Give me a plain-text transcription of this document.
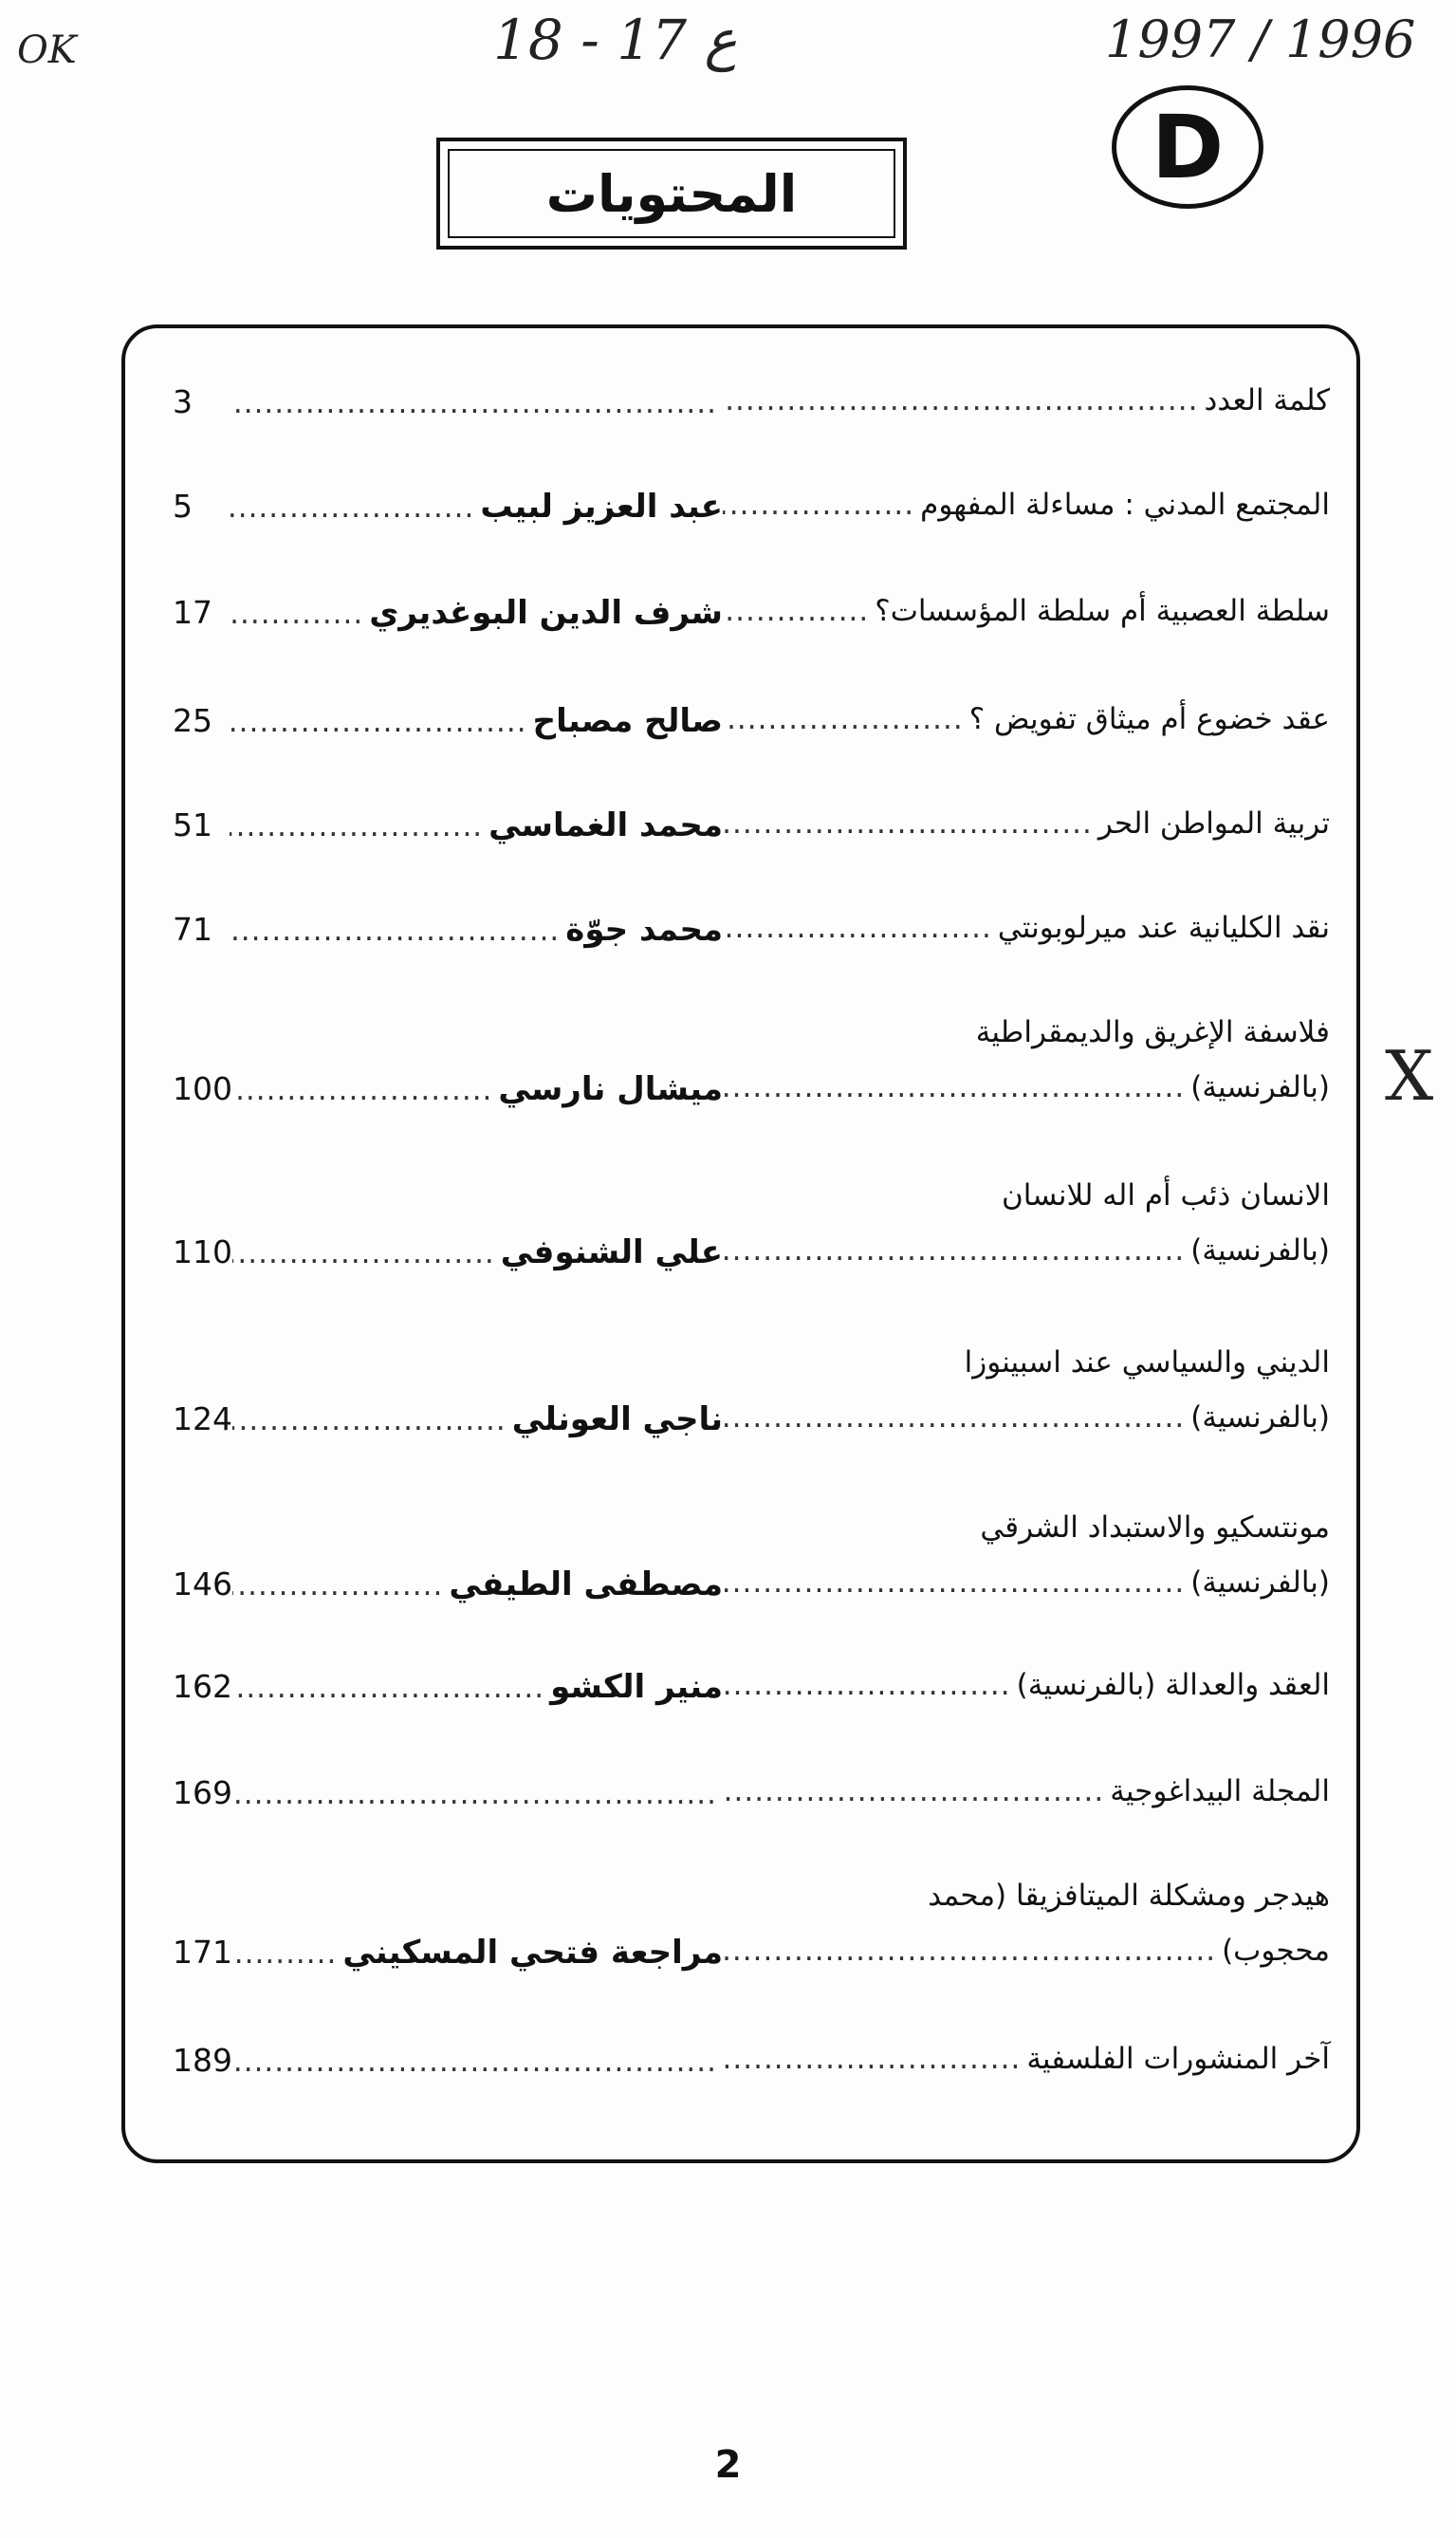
OK	18 - 17 ع	1997 / 1996
D
المحتويات
كلمة العدد
.....
.....
3
المجتمع المدني : مساءلة المفهوم
.....
عبد العزيز لبيب
.....
5
سلطة العصبية أم سلطة المؤسسات؟
.....
شرف الدين البوغديري
.....
17
عقد خضوع أم ميثاق تفويض ؟
.....
صالح مصباح
.....
25
تربية المواطن الحر
.....
محمد الغماسي
.....
51
نقد الكليانية عند ميرلوبونتي
.....
محمد جوّة
.....
71
فلاسفة الإغريق والديمقراطية
(بالفرنسية)
.....
ميشال نارسي
.....
100
الانسان ذئب أم اله للانسان
(بالفرنسية)
.....
علي الشنوفي
.....
110
الديني والسياسي عند اسبينوزا
(بالفرنسية)
.....
ناجي العونلي
.....
124
مونتسكيو والاستبداد الشرقي
(بالفرنسية)
.....
مصطفى الطيفي
.....
146
العقد والعدالة (بالفرنسية)
.....
منير الكشو
.....
162
المجلة البيداغوجية
.....
.....
169
هيدجر ومشكلة الميتافزيقا (محمد
محجوب)
.....
مراجعة فتحي المسكيني
.....
171
آخر المنشورات الفلسفية
.....
.....
189
X
2
